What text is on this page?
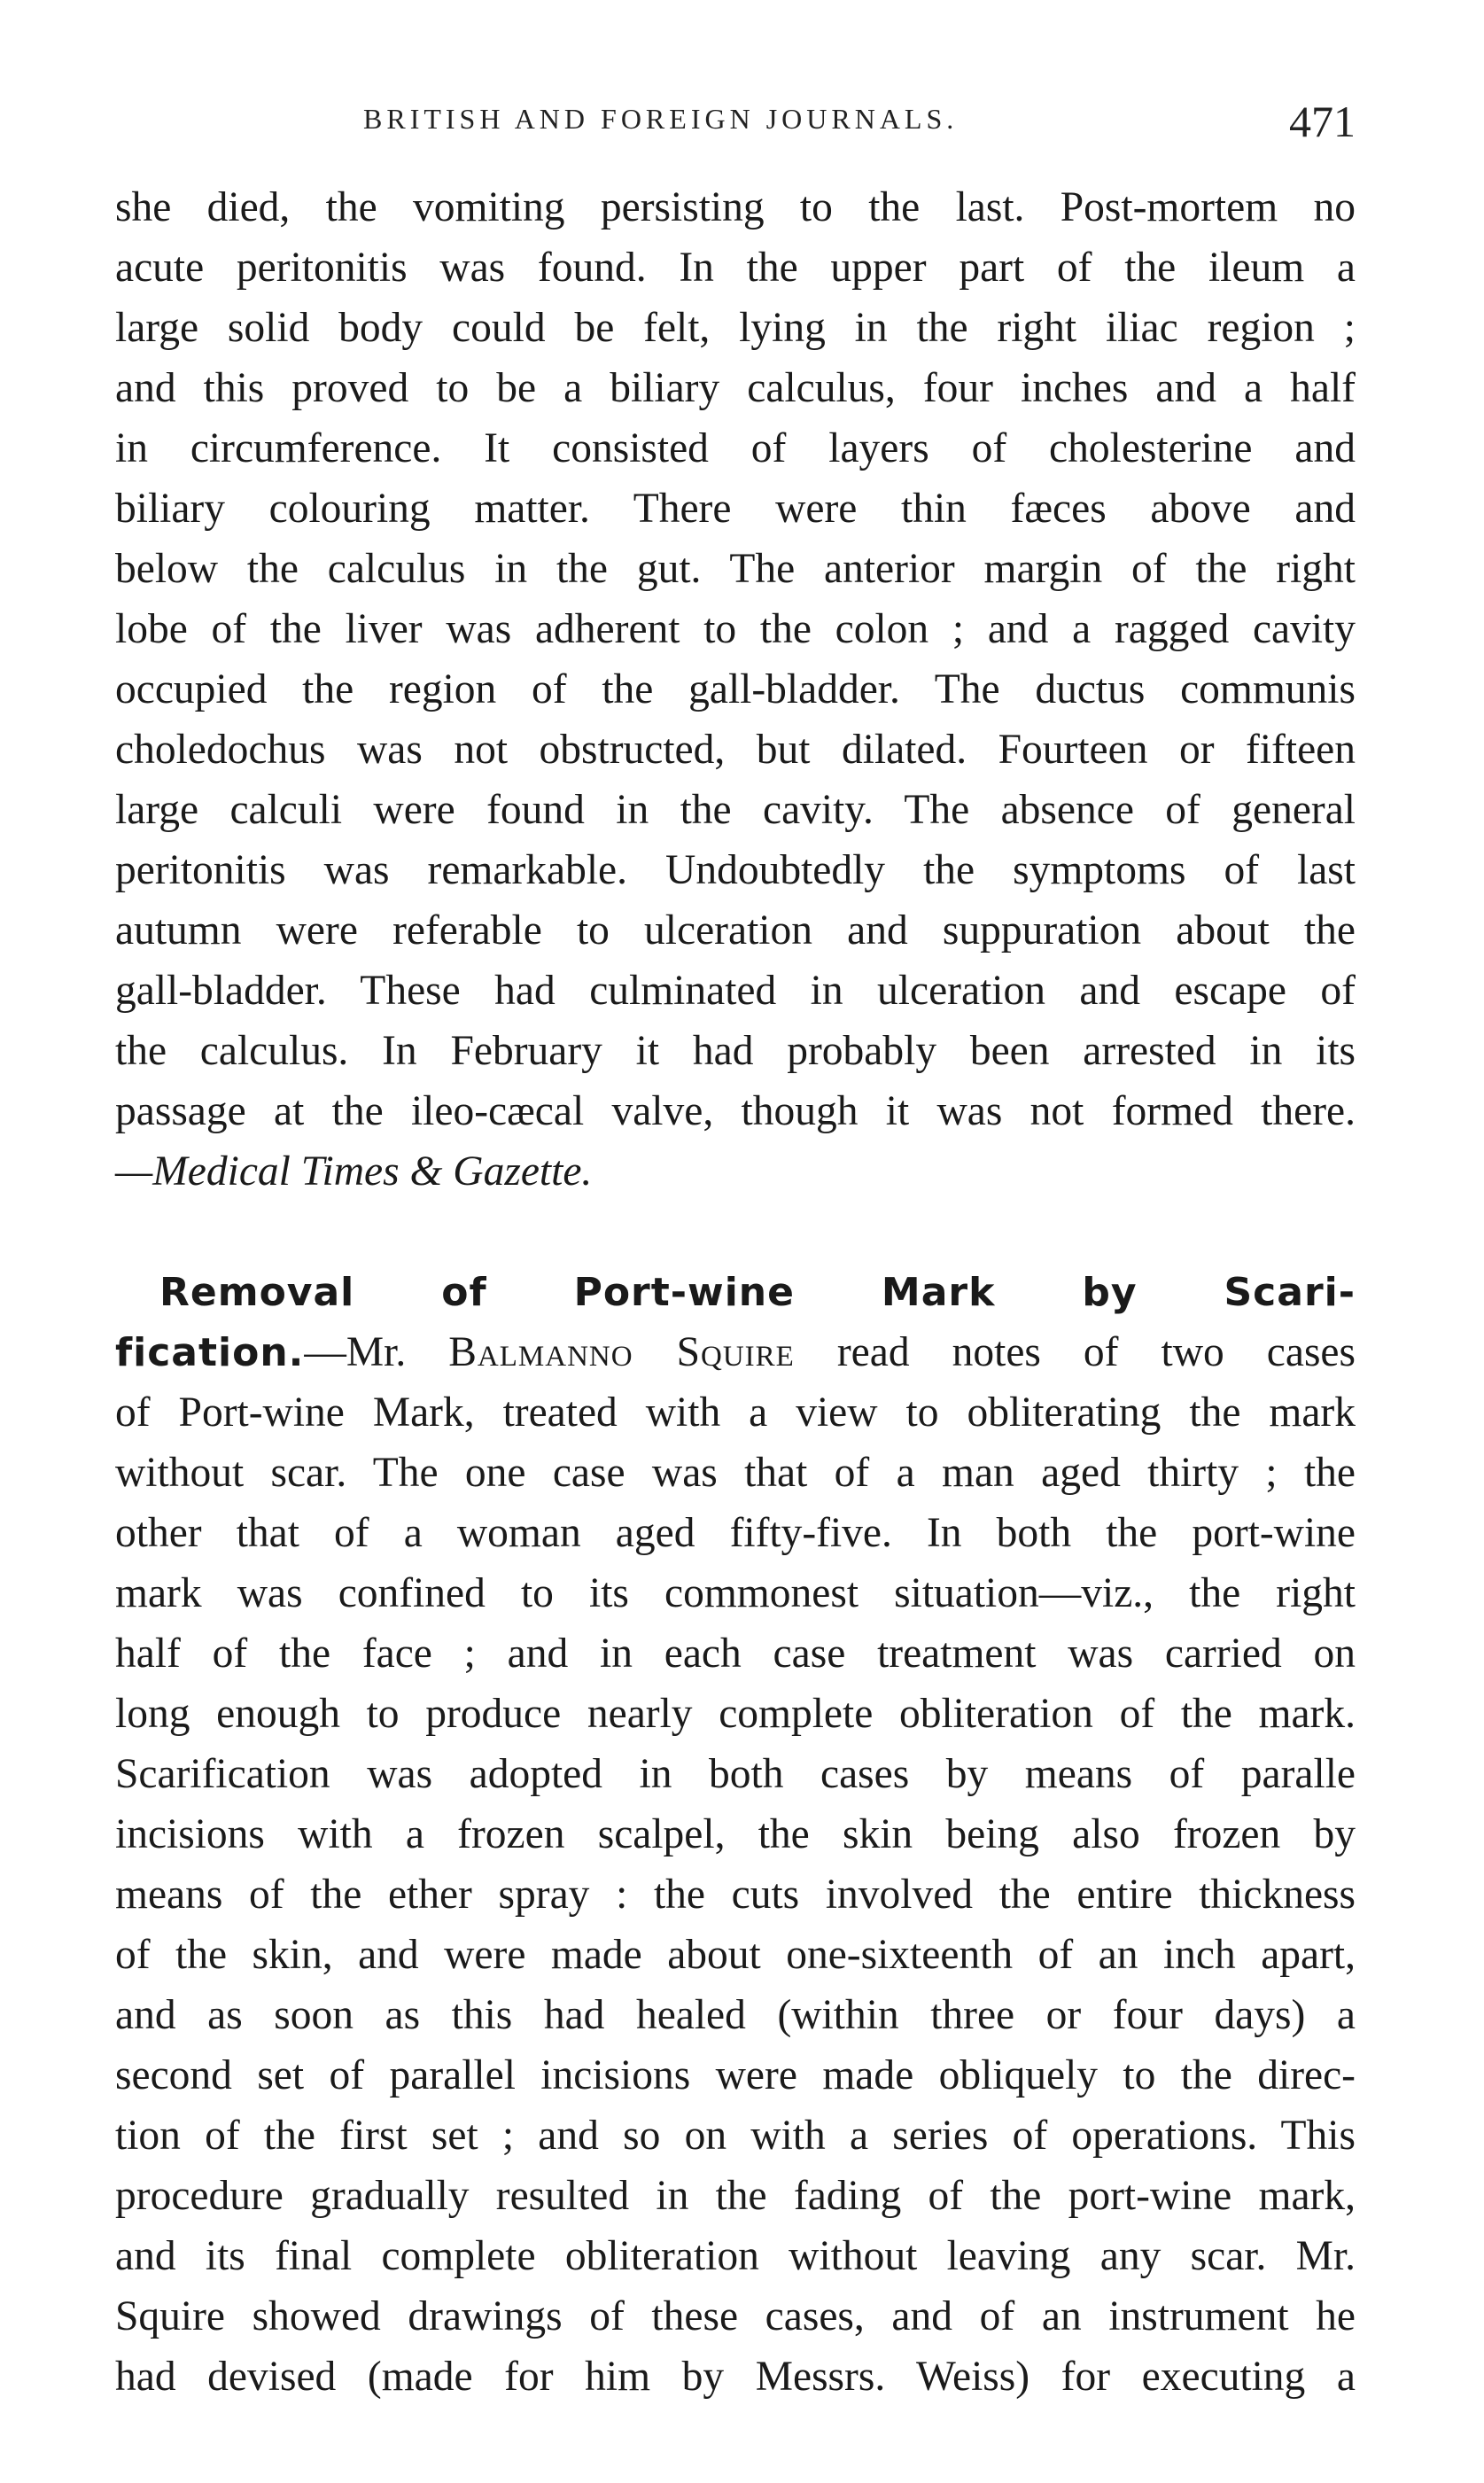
BRITISH AND FOREIGN JOURNALS.	471
she died, the vomiting persisting to the last. Post-mortem no
acute peritonitis was found. In the upper part of the ileum a
large solid body could be felt, lying in the right iliac region ;
and this proved to be a biliary calculus, four inches and a half
in circumference. It consisted of layers of cholesterine and
biliary colouring matter. There were thin fæces above and
below the calculus in the gut. The anterior margin of the right
lobe of the liver was adherent to the colon ; and a ragged cavity
occupied the region of the gall-bladder. The ductus communis
choledochus was not obstructed, but dilated. Fourteen or fifteen
large calculi were found in the cavity. The absence of general
peritonitis was remarkable. Undoubtedly the symptoms of last
autumn were referable to ulceration and suppuration about the
gall-bladder. These had culminated in ulceration and escape of
the calculus. In February it had probably been arrested in its
passage at the ileo-cæcal valve, though it was not formed there.
—Medical Times & Gazette.
Removal of Port-wine Mark by Scari-
fication.—Mr. Balmanno Squire read notes of two cases
of Port-wine Mark, treated with a view to obliterating the mark
without scar. The one case was that of a man aged thirty ; the
other that of a woman aged fifty-five. In both the port-wine
mark was confined to its commonest situation—viz., the right
half of the face ; and in each case treatment was carried on
long enough to produce nearly complete obliteration of the mark.
Scarification was adopted in both cases by means of paralle
incisions with a frozen scalpel, the skin being also frozen by
means of the ether spray : the cuts involved the entire thickness
of the skin, and were made about one-sixteenth of an inch apart,
and as soon as this had healed (within three or four days) a
second set of parallel incisions were made obliquely to the direc-
tion of the first set ; and so on with a series of operations. This
procedure gradually resulted in the fading of the port-wine mark,
and its final complete obliteration without leaving any scar. Mr.
Squire showed drawings of these cases, and of an instrument he
had devised (made for him by Messrs. Weiss) for executing a
